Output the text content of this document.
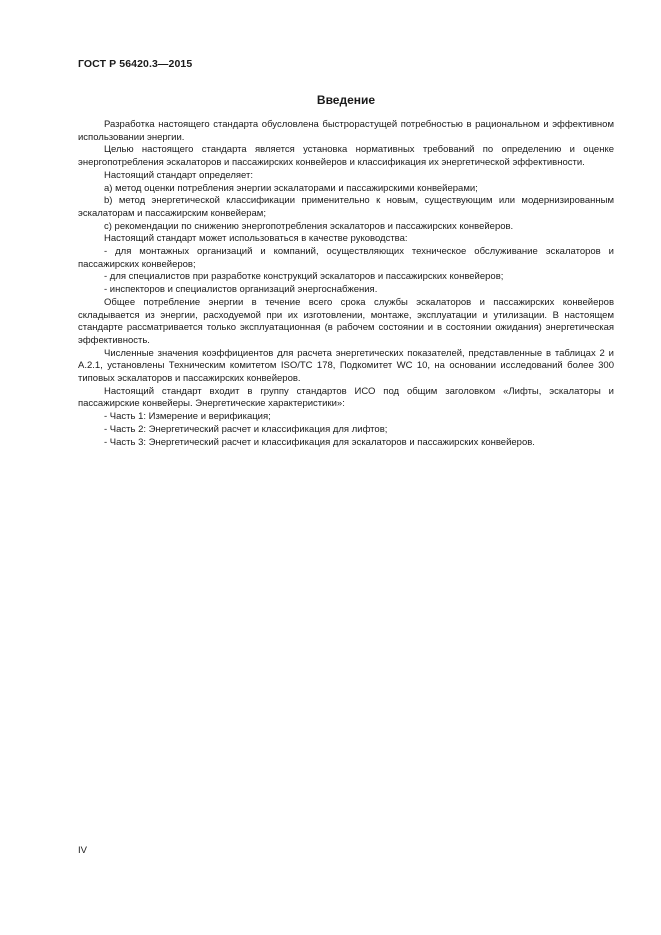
ГОСТ Р 56420.3—2015
Введение

Разработка настоящего стандарта обусловлена быстрорастущей потребностью в рациональном и эффективном использовании энергии.

Целью настоящего стандарта является установка нормативных требований по определению и оценке энергопотребления эскалаторов и пассажирских конвейеров и классификация их энергетической эффективности.

Настоящий стандарт определяет:

а) метод оценки потребления энергии эскалаторами и пассажирскими конвейерами;

b) метод энергетической классификации применительно к новым, существующим или модернизированным эскалаторам и пассажирским конвейерам;

с) рекомендации по снижению энергопотребления эскалаторов и пассажирских конвейеров.

Настоящий стандарт может использоваться в качестве руководства:

- для монтажных организаций и компаний, осуществляющих техническое обслуживание эскалаторов и пассажирских конвейеров;

- для специалистов при разработке конструкций эскалаторов и пассажирских конвейеров;

- инспекторов и специалистов организаций энергоснабжения.

Общее потребление энергии в течение всего срока службы эскалаторов и пассажирских конвейеров складывается из энергии, расходуемой при их изготовлении, монтаже, эксплуатации и утилизации. В настоящем стандарте рассматривается только эксплуатационная (в рабочем состоянии и в состоянии ожидания) энергетическая эффективность.

Численные значения коэффициентов для расчета энергетических показателей, представленные в таблицах 2 и А.2.1, установлены Техническим комитетом ISO/TC 178, Подкомитет WC 10, на основании исследований более 300 типовых эскалаторов и пассажирских конвейеров.

Настоящий стандарт входит в группу стандартов ИСО под общим заголовком «Лифты, эскалаторы и пассажирские конвейеры. Энергетические характеристики»:

- Часть 1: Измерение и верификация;

- Часть 2: Энергетический расчет и классификация для лифтов;

- Часть 3: Энергетический расчет и классификация для эскалаторов и пассажирских конвейеров.

IV
